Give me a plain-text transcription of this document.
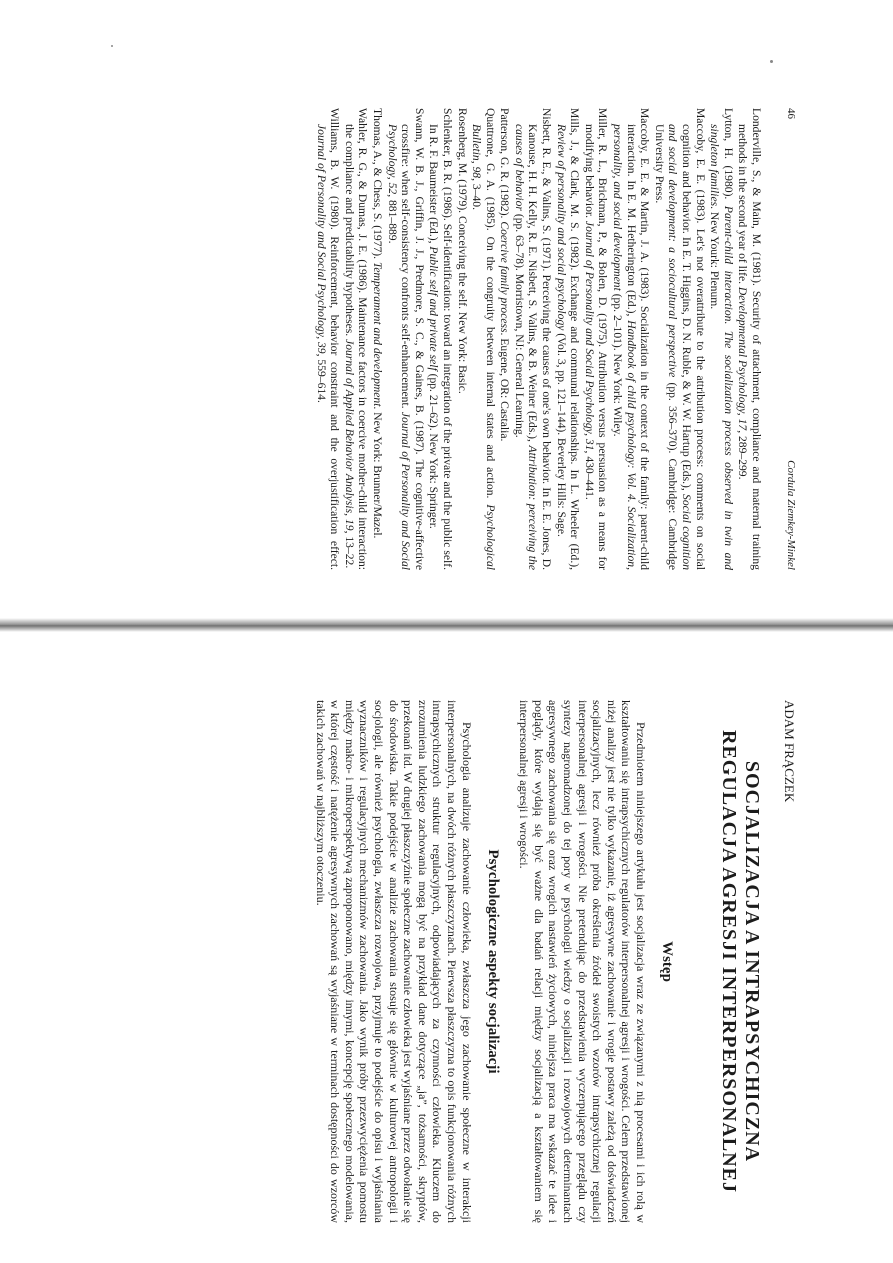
46
Cordula Ziemkey-Minkel

Londerville, S., & Main, M. (1981). Security of attachment, compliance and maternal training methods in the second year of life. Developmental Psychology, 17, 289–299.

Lytton, H. (1980). Parent-child interaction. The socialization process observed in twin and singleton families. New Yourk: Plenum.

Maccoby, E. E. (1983). Let's not overattribute to the attribution process: comments on social cognition and behavior. In E. T. Higgins, D. N. Ruble, & W. W. Hartup (Eds.), Social cognition and social development: a sociocultural perspective (pp. 356–370). Cambridge: Cambridge University Press.

Maccoby, E. E. & Martin, J. A. (1983). Socialization in the context of the family: parent-child interaction. In E. M. Hetherington (Ed.), Handbook of child psychology: Vol. 4. Socialization, personality, and social development (pp. 2–101). New York: Wiley.

Miller, R. L., Brickman, P., & Bolen, D. (1975). Attribution versus persuasion as a means for modifying behavior. Journal of Personality and Social Psychology, 31, 430–441.

Mills, J., & Clark, M. S. (1982). Exchange and communal relationships. In L. Wheeler (Ed.), Review of personality and social psychology (Vol. 3, pp. 121–144). Beverley Hills: Sage.

Nisbett, R. E., & Valins, S. (1971). Perceiving the causes of one's own behavior. In E. E. Jones, D. Kanouse, H. H. Kelly, R. E. Nisbett, S. Valins, & B. Weiner (Eds.), Attribution: perceiving the causes of behavior (pp. 63–78). Morristown, NJ: General Learning.

Patterson, G. R. (1982). Coercive family process. Eugene, OR: Castalia.

Quattrone, G. A. (1985). On the congruity between internal states and action. Psychological Bulletin, 98, 3–40.

Rosenberg, M. (1979). Conceiving the self. New York: Basic.

Schlenker, B. R. (1986). Self-identification: toward an integration of the private and the public self. In R. F. Baumeister (Ed.), Public self and private self (pp. 21–62). New York: Springer.

Swann, W. B. J., Griffin, J. J., Predmore, S. C., & Gaines, B. (1987). The cognitive-affective crossfire: when self-consistency confronts self-enhancement. Journal of Personality and Social Psychology, 52, 881–889.

Thomas, A., & Chess, S. (1977). Temperament and development. New York: Brunner/Mazel.

Wahler, R. G., & Dumas, J. E. (1986). Maintenance factors in coercive mother-child interaction: the compliance and predictability hypotheses. Journal of Applied Behavior Analysis, 19, 13–22.

Williams, B. W. (1980). Reinforcement, behavior constraint and the overjustification effect. Journal of Personality and Social Psychology, 39, 559–614.

ADAM FRĄCZEK
SOCJALIZACJA A INTRAPSYCHICZNA
REGULACJA AGRESJI INTERPERSONALNEJ
Wstęp

Przedmiotem niniejszego artykułu jest socjalizacja wraz ze związanymi z nią procesami i ich rolą w kształtowaniu się intrapsychicznych regulatorów interpersonalnej agresji i wrogości. Celem przedstawionej niżej analizy jest nie tylko wykazanie, iż agresywne zachowanie i wrogie postawy zależą od doświadczeń socjalizacyjnych, lecz również próba określenia źródeł swoistych wzorów intrapsychicznej regulacji interpersonalnej agresji i wrogości. Nie pretendując do przedstawienia wyczerpującego przeglądu czy syntezy nagromadzonej do tej pory w psychologii wiedzy o socjalizacji i rozwojowych determinantach agresywnego zachowania się oraz wrogich nastawień życiowych, niniejsza praca ma wskazać te idee i poglądy, które wydają się być ważne dla badań relacji między socjalizacją a kształtowaniem się interpersonalnej agresji i wrogości.

Psychologiczne aspekty socjalizacji

Psychologia analizuje zachowanie człowieka, zwłaszcza jego zachowanie społeczne w interakcji interpersonalnych, na dwóch różnych płaszczyznach. Pierwsza płaszczyzna to opis funkcjonowania różnych intrapsychicznych struktur regulacyjnych, odpowiadających za czynności człowieka. Kluczem do zrozumienia ludzkiego zachowania mogą być na przykład dane dotyczące „ja”, tożsamości, skryptów, przekonań itd. W drugiej płaszczyźnie społeczne zachowanie człowieka jest wyjaśniane przez odwołanie się do środowiska. Takie podejście w analizie zachowania stosuje się głównie w kulturowej antropologii i socjologii, ale również psychologia, zwłaszcza rozwojowa, przyjmuje to podejście do opisu i wyjaśniania wyznaczników i regulacyjnych mechanizmów zachowania. Jako wynik próby przezwyciężenia pomostu między makro- i mikroperspektywą zaproponowano, między innymi, koncepcję społecznego modelowania, w której częstość i natężenie agresywnych zachowań są wyjaśniane w terminach dostępności do wzorców takich zachowań w najbliższym otoczeniu.
